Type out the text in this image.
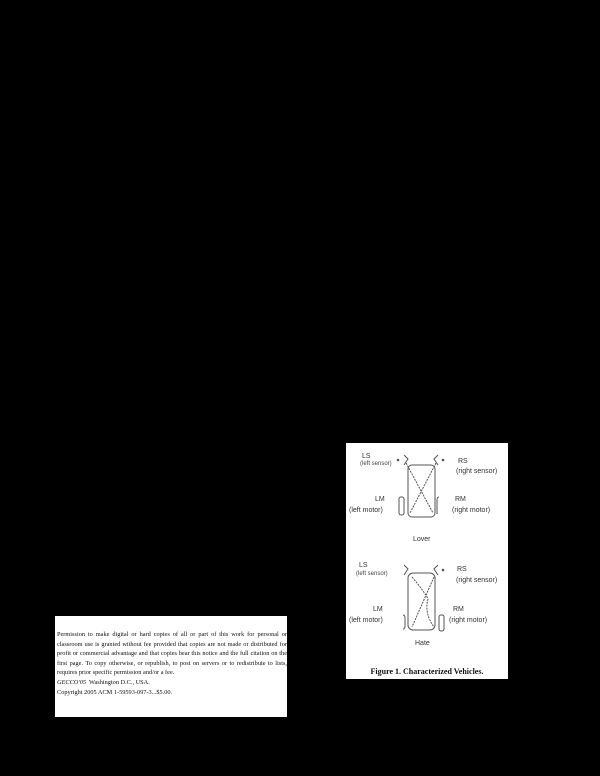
Permission to make digital or hard copies of all or part of this work for personal or classroom use is granted without fee provided that copies are not made or distributed for profit or commercial advantage and that copies bear this notice and the full citation on the first page. To copy otherwise, or republish, to post on servers or to redistribute to lists, requires prior specific permission and/or a fee.

GECCO'05 Washington D.C., USA.

Copyright 2005 ACM 1-59593-097-3...$5.00.

LS
(left sensor)	RS
(right sensor)
LM
(left motor)
RM
(right motor)
Lover
LS
(left sensor)
RS
(right sensor)
LM
(left motor)
RM
(right motor)
Hate
Figure 1. Characterized Vehicles.
